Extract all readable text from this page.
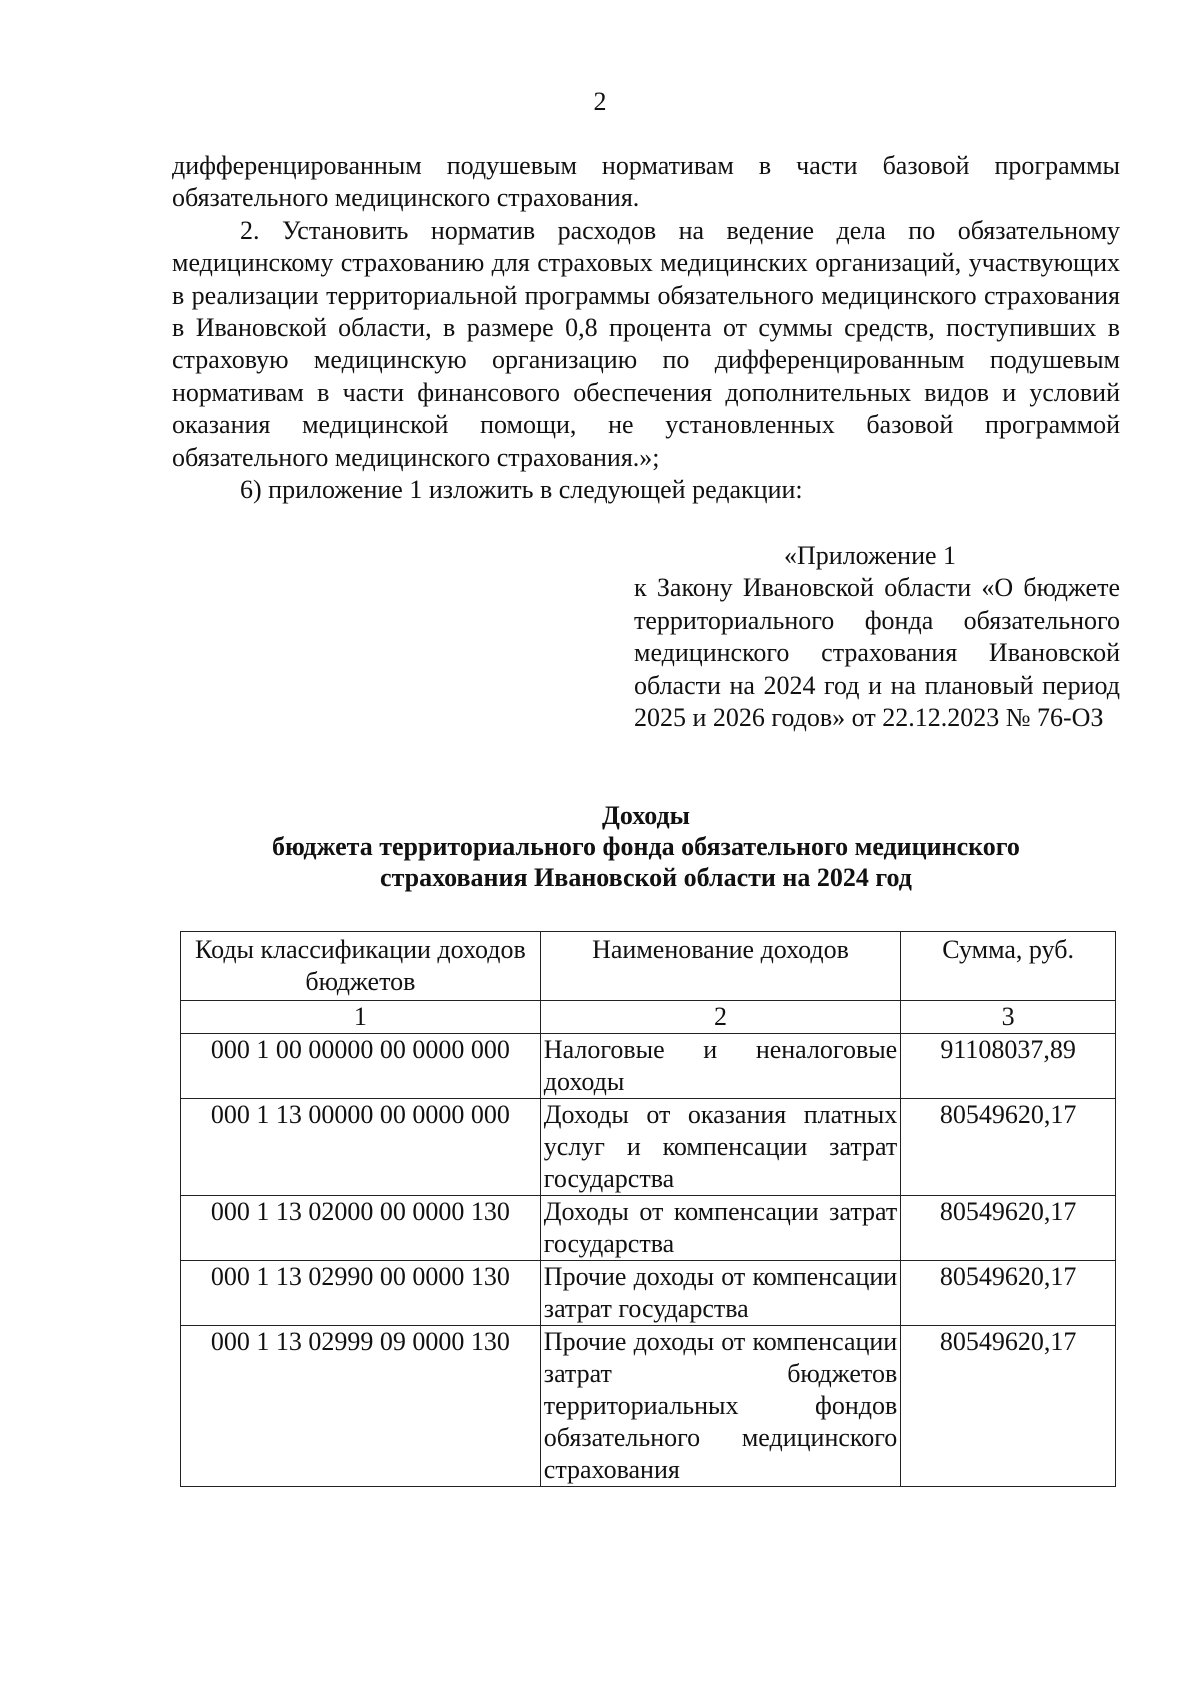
2

дифференцированным подушевым нормативам в части базовой программы обязательного медицинского страхования.

2. Установить норматив расходов на ведение дела по обязательному медицинскому страхованию для страховых медицинских организаций, участвующих в реализации территориальной программы обязательного медицинского страхования в Ивановской области, в размере 0,8 процента от суммы средств, поступивших в страховую медицинскую организацию по дифференцированным подушевым нормативам в части финансового обеспечения дополнительных видов и условий оказания медицинской помощи, не установленных базовой программой обязательного медицинского страхования.»;

6) приложение 1 изложить в следующей редакции:

«Приложение 1
к Закону Ивановской области «О бюджете территориального фонда обязательного медицинского страхования Ивановской области на 2024 год и на плановый период 2025 и 2026 годов» от 22.12.2023 № 76-ОЗ
Доходы
бюджета территориального фонда обязательного медицинского
страхования Ивановской области на 2024 год
Коды классификации доходов бюджетов	Наименование доходов	Сумма, руб.
1	2	3
000 1 00 00000 00 0000 000	Налоговые и неналоговые доходы	91108037,89
000 1 13 00000 00 0000 000	Доходы от оказания платных услуг и компенсации затрат государства	80549620,17
000 1 13 02000 00 0000 130	Доходы от компенсации затрат государства	80549620,17
000 1 13 02990 00 0000 130	Прочие доходы от компенсации затрат государства	80549620,17
000 1 13 02999 09 0000 130	Прочие доходы от компенсации затрат бюджетов территориальных фондов обязательного медицинского страхования	80549620,17
